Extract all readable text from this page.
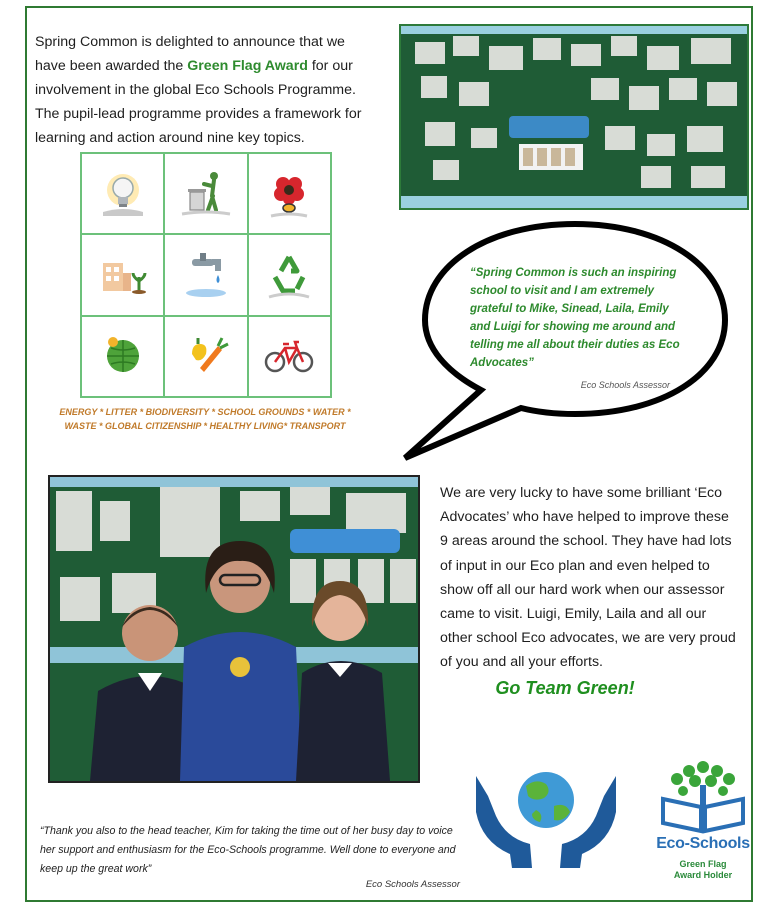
Spring Common is delighted to announce that we have been awarded the Green Flag Award for our involvement in the global Eco Schools Programme. The pupil-lead programme provides a framework for learning and action around nine key topics.

ENERGY * LITTER * BIODIVERSITY * SCHOOL GROUNDS * WATER *
WASTE * GLOBAL CITIZENSHIP * HEALTHY LIVING* TRANSPORT
“Spring Common is such an inspiring school to visit and I am extremely grateful to Mike, Sinead, Laila, Emily and Luigi for showing me around and telling me all about their duties as Eco Advocates”
Eco Schools Assessor

We are very lucky to have some brilliant ‘Eco Advocates’ who have helped to improve these 9 areas around the school. They have had lots of input in our Eco plan and even helped to show off all our hard work when our assessor came to visit. Luigi, Emily, Laila and all our other school Eco advocates, we are very proud of you and all your efforts.

Go Team Green!

“Thank you also to the head teacher, Kim for taking the time out of her busy day to voice her support and enthusiasm for the Eco-Schools programme. Well done to everyone and keep up the great work”

Eco Schools Assessor
Eco-Schools
Green Flag
Award Holder
